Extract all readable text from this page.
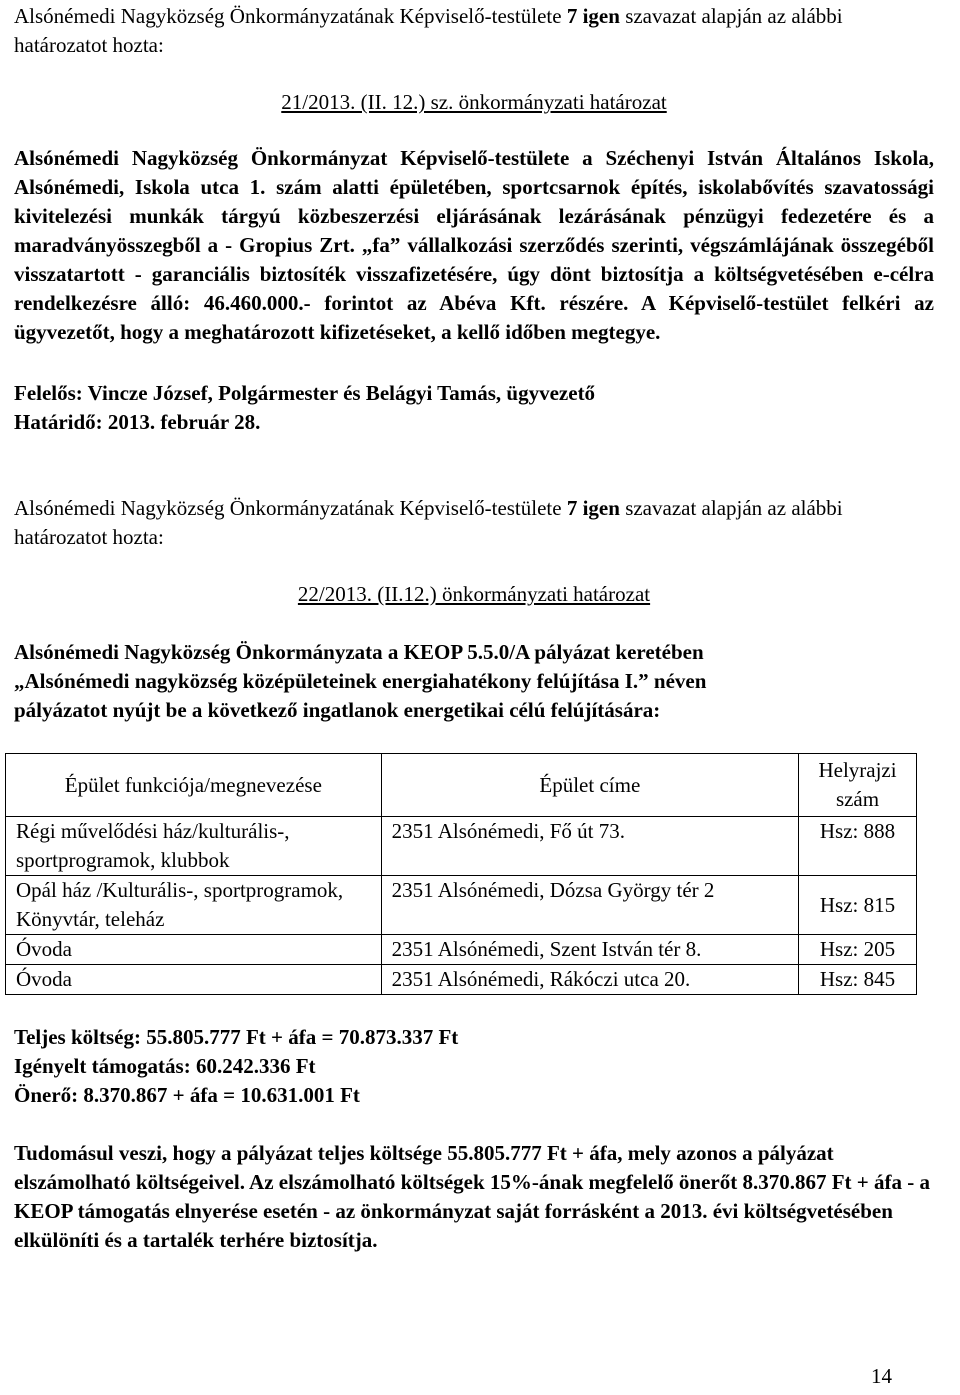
Alsónémedi Nagyközség Önkormányzatának Képviselő-testülete 7 igen szavazat alapján az alábbi határozatot hozta:

21/2013. (II. 12.) sz. önkormányzati határozat

Alsónémedi Nagyközség Önkormányzat Képviselő-testülete a Széchenyi István Általános Iskola, Alsónémedi, Iskola utca 1. szám alatti épületében, sportcsarnok építés, iskolabővítés szavatossági kivitelezési munkák tárgyú közbeszerzési eljárásának lezárásának pénzügyi fedezetére és a maradványösszegből a - Gropius Zrt. „fa” vállalkozási szerződés szerinti, végszámlájának összegéből visszatartott - garanciális biztosíték visszafizetésére, úgy dönt biztosítja a költségvetésében e-célra rendelkezésre álló: 46.460.000.- forintot az Abéva Kft. részére. A Képviselő-testület felkéri az ügyvezetőt, hogy a meghatározott kifizetéseket, a kellő időben megtegye.

Felelős: Vincze József, Polgármester és Belágyi Tamás, ügyvezető

Határidő: 2013. február 28.

Alsónémedi Nagyközség Önkormányzatának Képviselő-testülete 7 igen szavazat alapján az alábbi határozatot hozta:

22/2013. (II.12.) önkormányzati határozat

Alsónémedi Nagyközség Önkormányzata a KEOP 5.5.0/A pályázat keretében

„Alsónémedi nagyközség középületeinek energiahatékony felújítása I.” néven

pályázatot nyújt be a következő ingatlanok energetikai célú felújítására:

Épület funkciója/megnevezése	Épület címe	Helyrajzi szám
Régi művelődési ház/kulturális-, sportprogramok, klubbok	2351 Alsónémedi, Fő út 73.	Hsz: 888
Opál ház /Kulturális-, sportprogramok, Könyvtár, teleház	2351 Alsónémedi, Dózsa György tér 2	Hsz: 815
Óvoda	2351 Alsónémedi, Szent István tér 8.	Hsz: 205
Óvoda	2351 Alsónémedi, Rákóczi utca 20.	Hsz: 845

Teljes költség: 55.805.777 Ft + áfa = 70.873.337 Ft

Igényelt támogatás: 60.242.336 Ft

Önerő: 8.370.867 + áfa = 10.631.001 Ft

Tudomásul veszi, hogy a pályázat teljes költsége 55.805.777 Ft + áfa, mely azonos a pályázat elszámolható költségeivel. Az elszámolható költségek 15%-ának megfelelő önerőt 8.370.867 Ft + áfa - a KEOP támogatás elnyerése esetén - az önkormányzat saját forrásként a 2013. évi költségvetésében elkülöníti és a tartalék terhére biztosítja.

14
